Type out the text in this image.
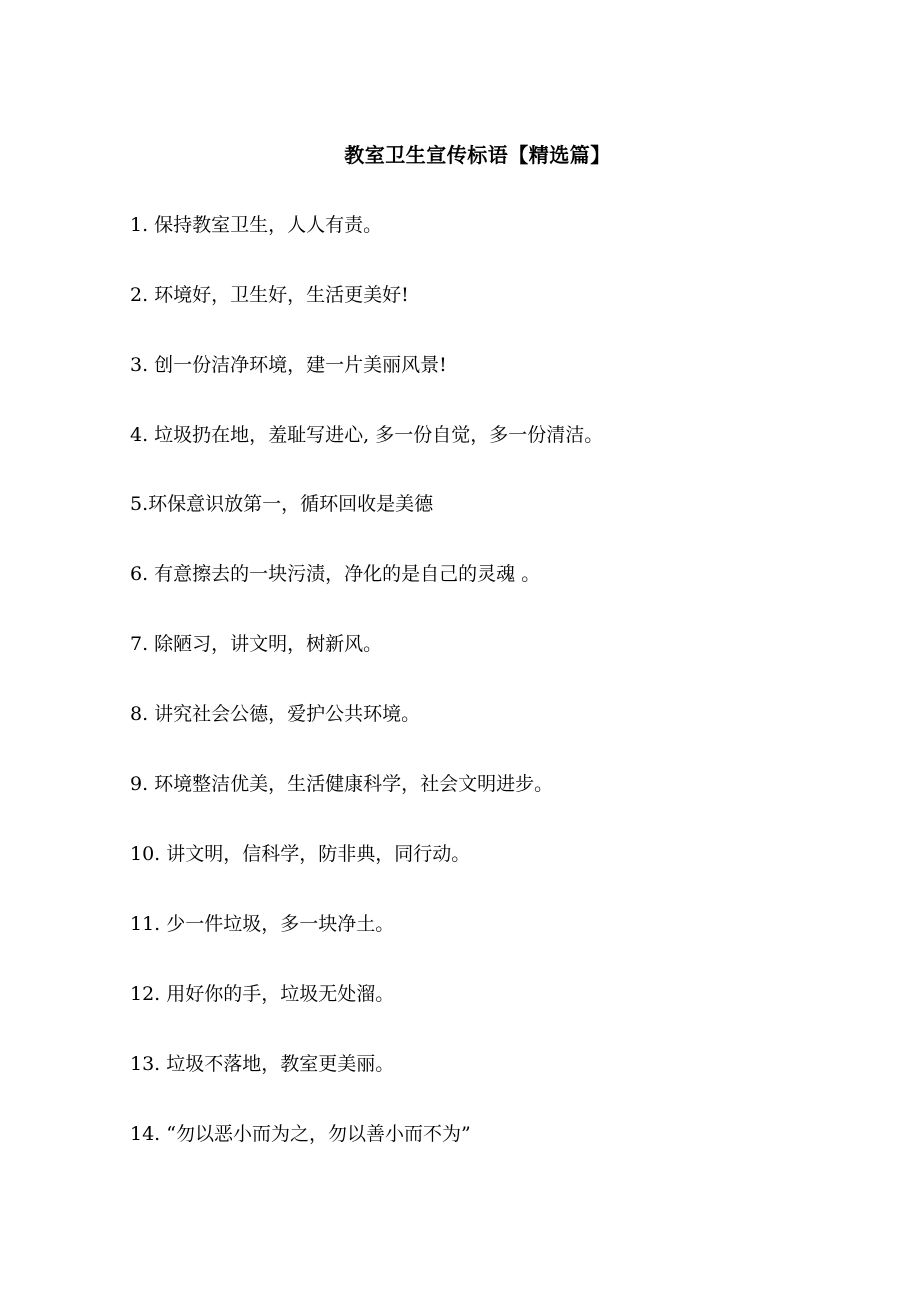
教室卫生宣传标语【精选篇】
1. 保持教室卫生，人人有责。
2. 环境好，卫生好，生活更美好!
3. 创一份洁净环境，建一片美丽风景!
4. 垃圾扔在地，羞耻写进心, 多一份自觉，多一份清洁。
5.环保意识放第一，循环回收是美德
6. 有意擦去的一块污渍，净化的是自己的灵魂 。
7. 除陋习，讲文明，树新风。
8. 讲究社会公德，爱护公共环境。
9. 环境整洁优美，生活健康科学，社会文明进步。
10. 讲文明，信科学，防非典，同行动。
11. 少一件垃圾，多一块净土。
12. 用好你的手，垃圾无处溜。
13. 垃圾不落地，教室更美丽。
14. “勿以恶小而为之，勿以善小而不为”
